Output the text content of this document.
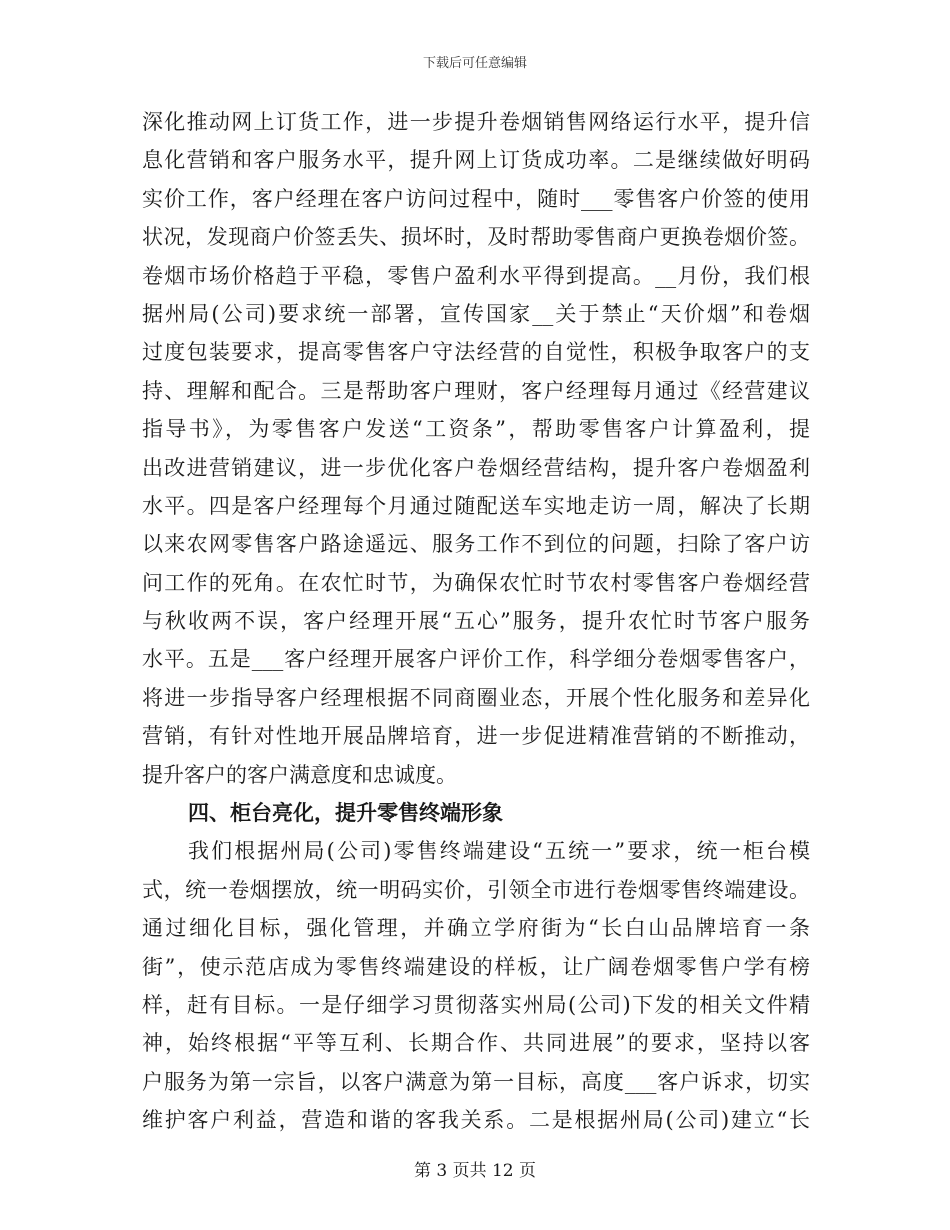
下载后可任意编辑
深化推动网上订货工作，进一步提升卷烟销售网络运行水平，提升信
息化营销和客户服务水平，提升网上订货成功率。二是继续做好明码
实价工作，客户经理在客户访问过程中，随时___零售客户价签的使用
状况，发现商户价签丢失、损坏时，及时帮助零售商户更换卷烟价签。
卷烟市场价格趋于平稳，零售户盈利水平得到提高。__月份，我们根
据州局(公司)要求统一部署，宣传国家__关于禁止“天价烟”和卷烟
过度包装要求，提高零售客户守法经营的自觉性，积极争取客户的支
持、理解和配合。三是帮助客户理财，客户经理每月通过《经营建议
指导书》，为零售客户发送“工资条”，帮助零售客户计算盈利，提
出改进营销建议，进一步优化客户卷烟经营结构，提升客户卷烟盈利
水平。四是客户经理每个月通过随配送车实地走访一周，解决了长期
以来农网零售客户路途遥远、服务工作不到位的问题，扫除了客户访
问工作的死角。在农忙时节，为确保农忙时节农村零售客户卷烟经营
与秋收两不误，客户经理开展“五心”服务，提升农忙时节客户服务
水平。五是___客户经理开展客户评价工作，科学细分卷烟零售客户，
将进一步指导客户经理根据不同商圈业态，开展个性化服务和差异化
营销，有针对性地开展品牌培育，进一步促进精准营销的不断推动，
提升客户的客户满意度和忠诚度。
四、柜台亮化，提升零售终端形象
我们根据州局(公司)零售终端建设“五统一”要求，统一柜台模
式，统一卷烟摆放，统一明码实价，引领全市进行卷烟零售终端建设。
通过细化目标，强化管理，并确立学府街为“长白山品牌培育一条
街”，使示范店成为零售终端建设的样板，让广阔卷烟零售户学有榜
样，赶有目标。一是仔细学习贯彻落实州局(公司)下发的相关文件精
神，始终根据“平等互利、长期合作、共同进展”的要求，坚持以客
户服务为第一宗旨，以客户满意为第一目标，高度___客户诉求，切实
维护客户利益，营造和谐的客我关系。二是根据州局(公司)建立“长
第 3 页共 12 页
